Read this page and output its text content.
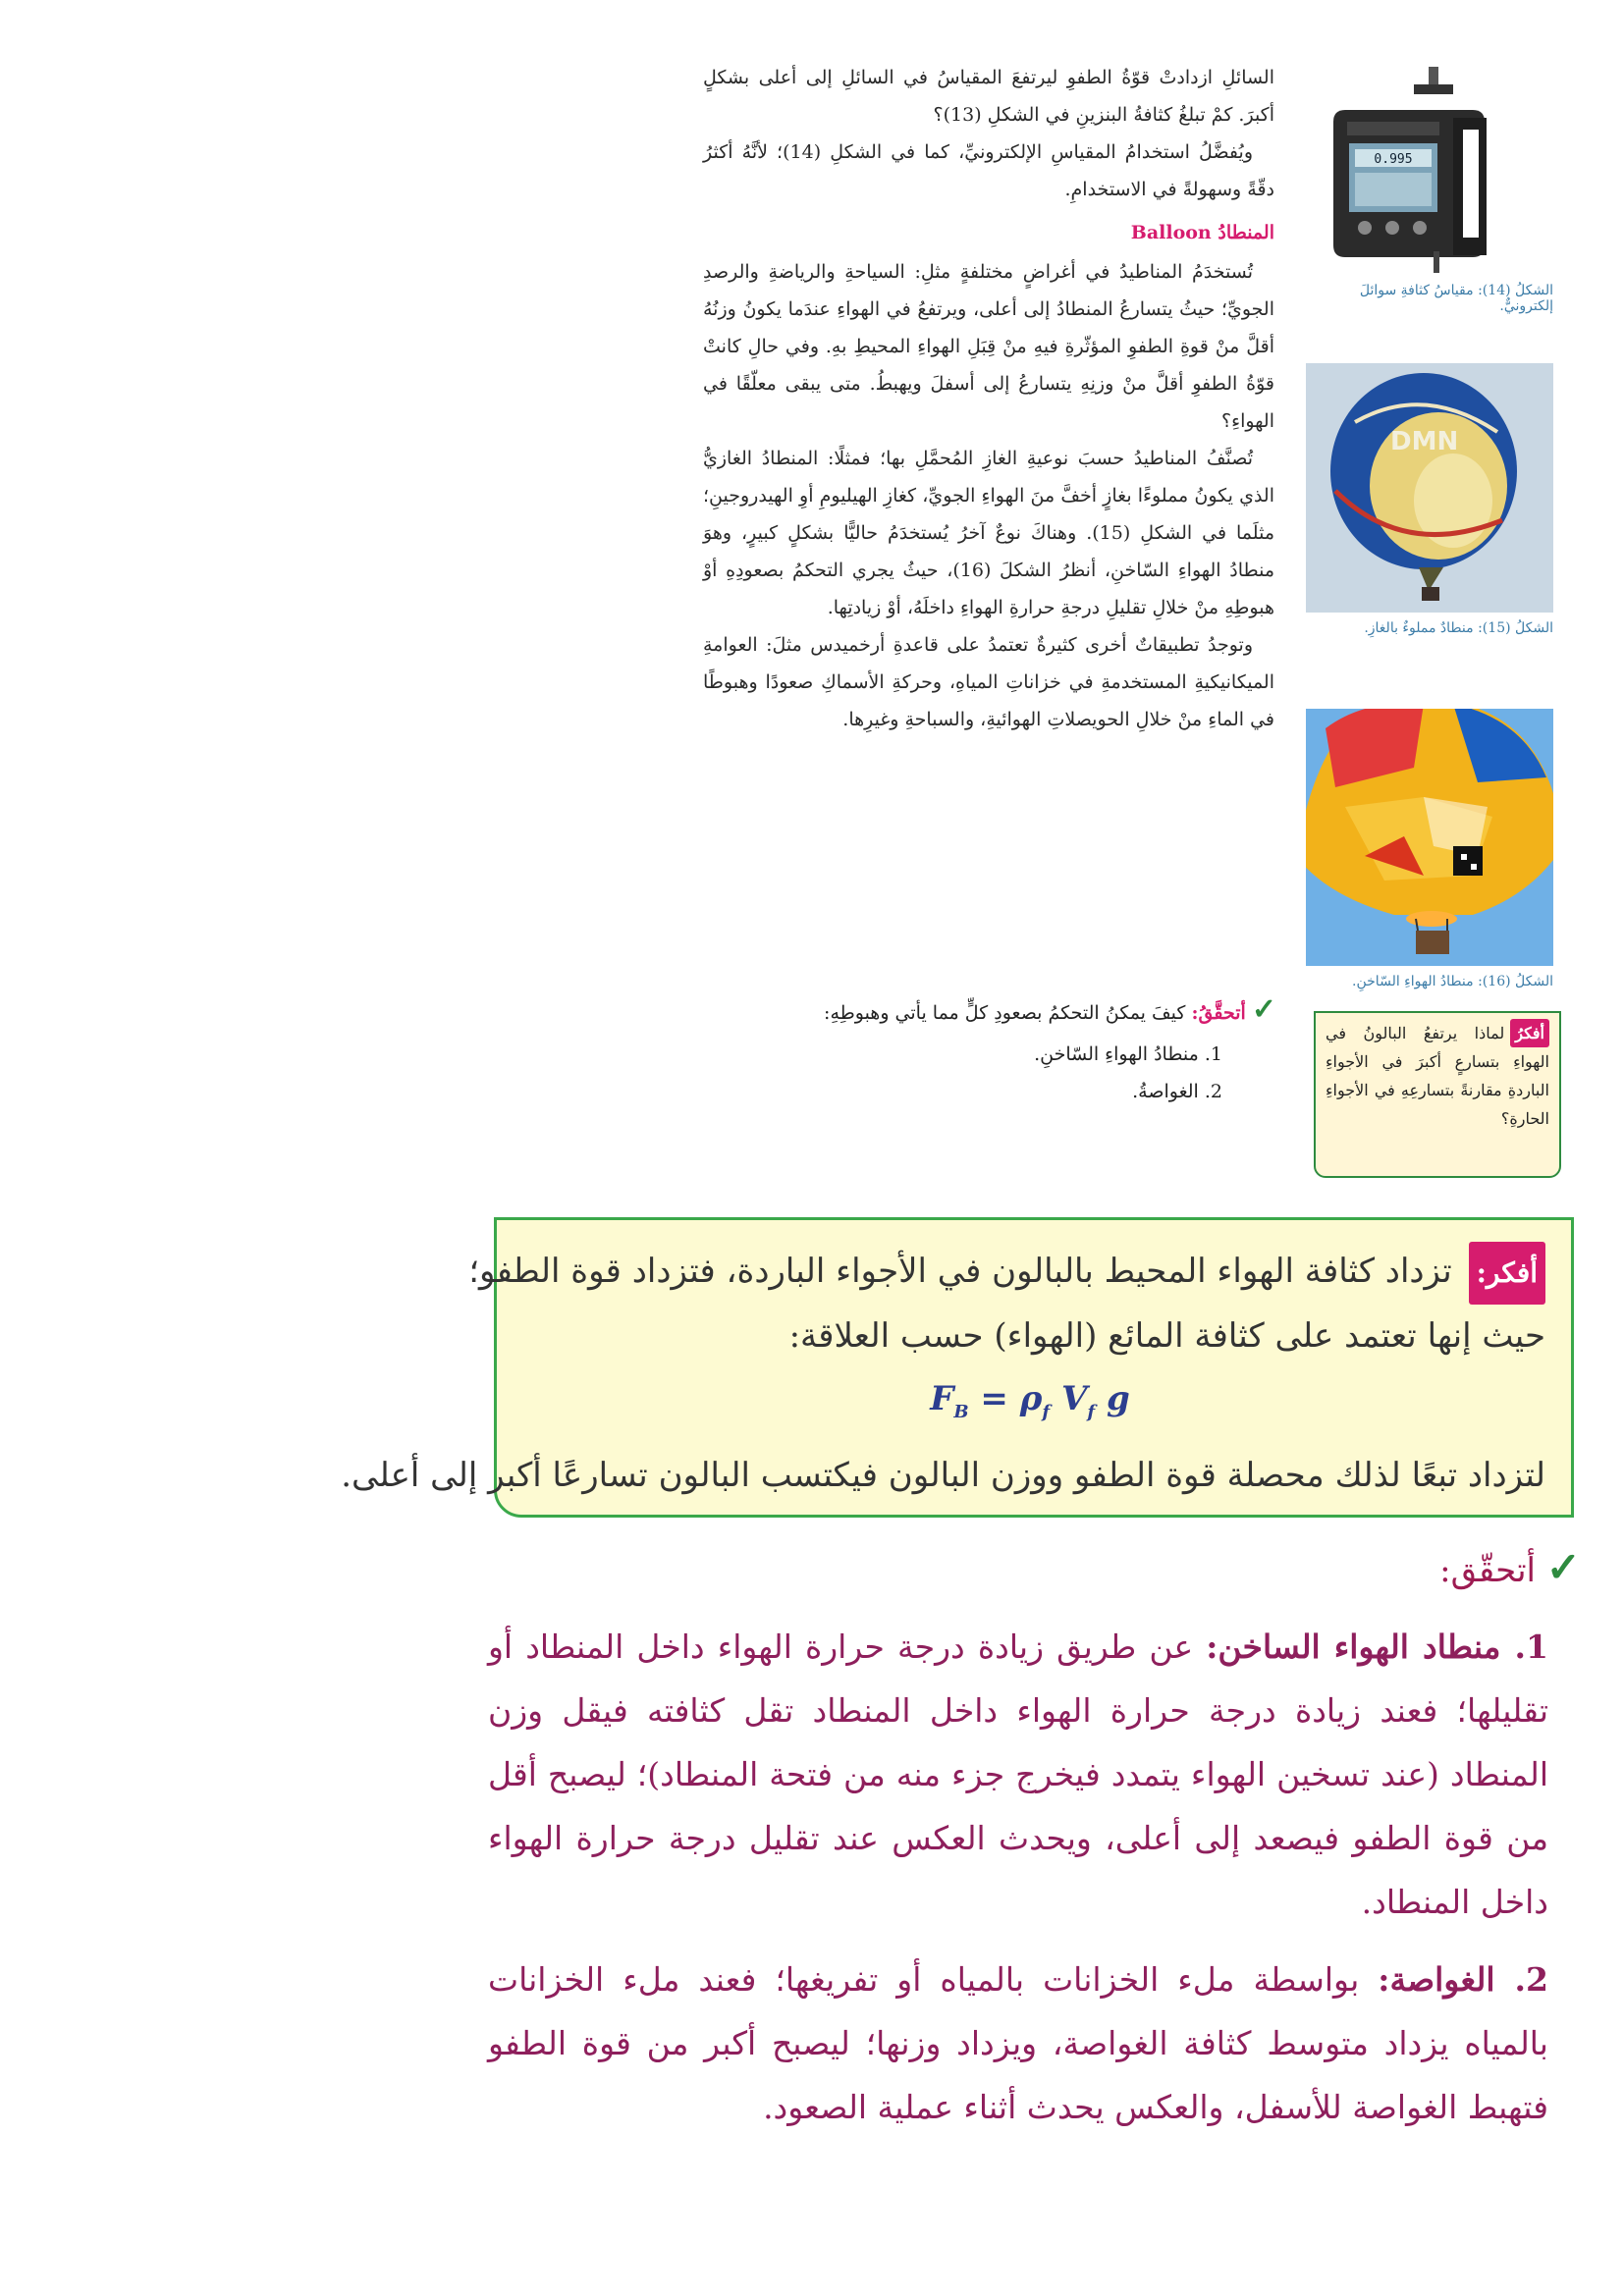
السائلِ ازدادتْ قوّةُ الطفوِ ليرتفعَ المقياسُ في السائلِ إلى أعلى بشكلٍ أكبرَ. كمْ تبلغُ كثافةُ البنزينِ في الشكلِ (13)؟

ويُفضَّلُ استخدامُ المقياسِ الإلكترونيِّ، كما في الشكلِ (14)؛ لأنَّهُ أكثرُ دقّةً وسهولةً في الاستخدامِ.

المنطادُ Balloon

تُستخدَمُ المناطيدُ في أغراضٍ مختلفةٍ مثلِ: السياحةِ والرياضةِ والرصدِ الجويِّ؛ حيثُ يتسارعُ المنطادُ إلى أعلى، ويرتفعُ في الهواءِ عندَما يكونُ وزنُهُ أقلَّ منْ قوةِ الطفوِ المؤثّرةِ فيهِ منْ قِبَلِ الهواءِ المحيطِ بهِ. وفي حالِ كانتْ قوّةُ الطفوِ أقلَّ منْ وزنِهِ يتسارعُ إلى أسفلَ ويهبطُ. متى يبقى معلّقًا في الهواءِ؟

تُصنَّفُ المناطيدُ حسبَ نوعيةِ الغازِ المُحمَّلِ بها؛ فمثلًا: المنطادُ الغازيُّ الذي يكونُ مملوءًا بغازٍ أخفَّ منَ الهواءِ الجويِّ، كغازِ الهيليومِ أوِ الهيدروجينِ؛ مثلَما في الشكلِ (15). وهناكَ نوعٌ آخرُ يُستخدَمُ حاليًّا بشكلٍ كبيرٍ، وهوَ منطادُ الهواءِ السّاخنِ، أنظرُ الشكلَ (16)، حيثُ يجري التحكمُ بصعودِهِ أوْ هبوطِهِ منْ خلالِ تقليلِ درجةِ حرارةِ الهواءِ داخلَهُ، أوْ زيادتِها.

وتوجدُ تطبيقاتٌ أخرى كثيرةٌ تعتمدُ على قاعدةِ أرخميدس مثلَ: العوامةِ الميكانيكيةِ المستخدمةِ في خزاناتِ المياهِ، وحركةِ الأسماكِ صعودًا وهبوطًا في الماءِ منْ خلالِ الحويصلاتِ الهوائيةِ، والسباحةِ وغيرِها.

0.995
الشكلُ (14): مقياسُ كثافةِ سوائلَ إلكترونيٌّ.
DMN
الشكلُ (15): منطادٌ مملوءٌ بالغازِ.
الشكلُ (16): منطادُ الهواءِ السّاخنِ.
✓ أتحقَّقُ: كيفَ يمكنُ التحكمُ بصعودِ كلٍّ مما يأتي وهبوطِهِ:
1. منطادُ الهواءِ السّاخنِ.
2. الغواصةُ.
أفكرُلماذا يرتفعُ البالونُ في الهواءِ بتسارعٍ أكبرَ في الأجواءِ الباردةِ مقارنةً بتسارعِهِ في الأجواءِ الحارةِ؟
أفكر: تزداد كثافة الهواء المحيط بالبالون في الأجواء الباردة، فتزداد قوة الطفو؛
حيث إنها تعتمد على كثافة المائع (الهواء) حسب العلاقة:
$F_B = \rho_f$ $V_f$ g
لتزداد تبعًا لذلك محصلة قوة الطفو ووزن البالون فيكتسب البالون تسارعًا أكبر إلى أعلى.
✓ أتحقّق:

1. منطاد الهواء الساخن: عن طريق زيادة درجة حرارة الهواء داخل المنطاد أو تقليلها؛ فعند زيادة درجة حرارة الهواء داخل المنطاد تقل كثافته فيقل وزن المنطاد (عند تسخين الهواء يتمدد فيخرج جزء منه من فتحة المنطاد)؛ ليصبح أقل من قوة الطفو فيصعد إلى أعلى، ويحدث العكس عند تقليل درجة حرارة الهواء داخل المنطاد.

2. الغواصة: بواسطة ملء الخزانات بالمياه أو تفريغها؛ فعند ملء الخزانات بالمياه يزداد متوسط كثافة الغواصة، ويزداد وزنها؛ ليصبح أكبر من قوة الطفو فتهبط الغواصة للأسفل، والعكس يحدث أثناء عملية الصعود.
